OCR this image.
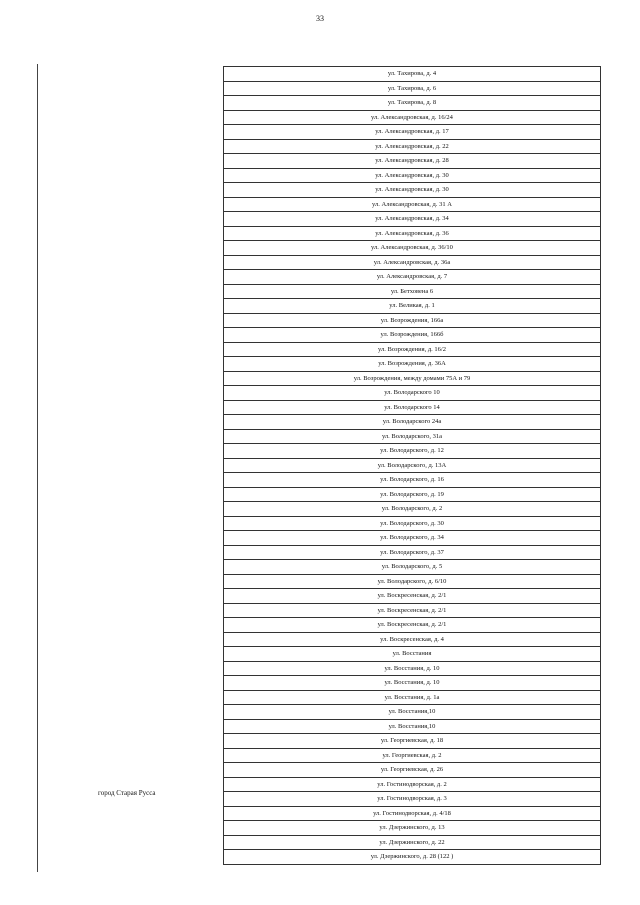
33
город Старая Русса
ул. Тахирова, д. 4
ул. Тахирова, д. 6
ул. Тахирова, д. 8
ул. Александровская, д. 16/24
ул. Александровская, д. 17
ул. Александровская, д. 22
ул. Александровская, д. 28
ул. Александровская, д. 30
ул. Александровская, д. 30
ул. Александровская, д. 31 А
ул. Александровская, д. 34
ул. Александровская, д. 36
ул. Александровская, д. 36/10
ул. Александровская, д. 36а
ул. Александровская, д. 7
ул. Бетховена 6
ул. Великая, д. 1
ул. Возрождения, 166а
ул. Возрождения, 166б
ул. Возрождения, д. 16/2
ул. Возрождения, д. 36А
ул. Возрождения, между домами 75А и 79
ул. Володарского 10
ул. Володарского 14
ул. Володарского 24а
ул. Володарского, 31а
ул. Володарского, д. 12
ул. Володарского, д. 13А
ул. Володарского, д. 16
ул. Володарского, д. 19
ул. Володарского, д. 2
ул. Володарского, д. 30
ул. Володарского, д. 34
ул. Володарского, д. 37
ул. Володарского, д. 5
ул. Володарского, д. 6/10
ул. Воскресенская, д. 2/1
ул. Воскресенская, д. 2/1
ул. Воскресенская, д. 2/1
ул. Воскресенская, д. 4
ул. Восстания
ул. Восстания, д. 10
ул. Восстания, д. 10
ул. Восстания, д. 1а
ул. Восстания,10
ул. Восстания,10
ул. Георгиевская, д. 18
ул. Георгиевская, д. 2
ул. Георгиевская, д. 26
ул. Гостинодворская, д. 2
ул. Гостинодворская, д. 3
ул. Гостинодворская, д. 4/18
ул. Дзержинского, д. 13
ул. Дзержинского, д. 22
ул. Дзержинского, д. 28 (122 )
